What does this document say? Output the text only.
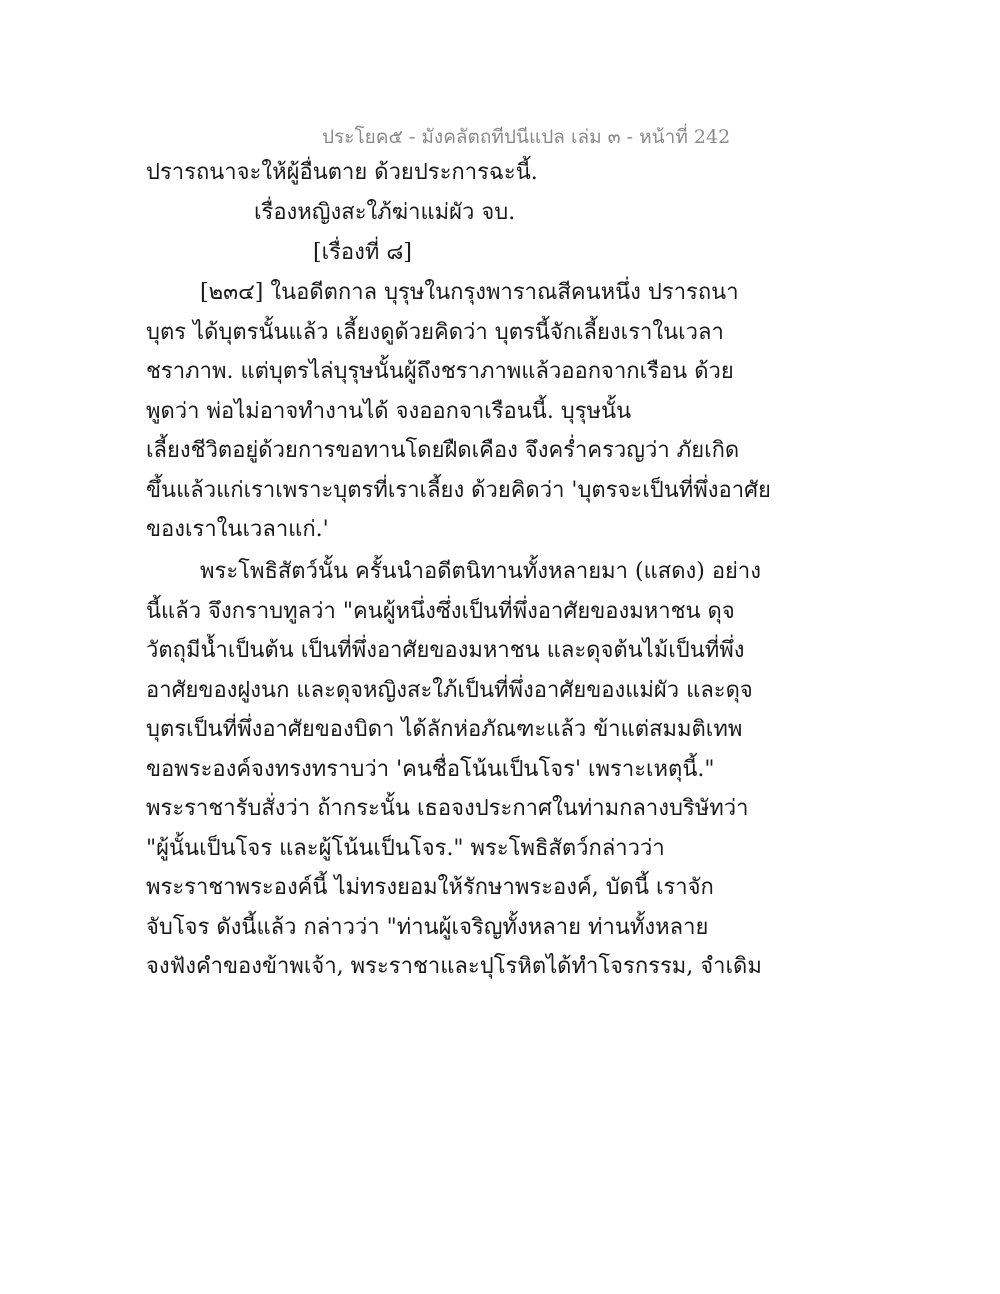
ประโยค๕ - มังคลัตถทีปนีแปล เล่ม ๓ - หน้าที่ 242
ปรารถนาจะให้ผู้อื่นตาย ด้วยประการฉะนี้.
เรื่องหญิงสะใภ้ฆ่าแม่ผัว จบ.
[เรื่องที่ ๘]
[๒๓๔] ในอดีตกาล บุรุษในกรุงพาราณสีคนหนึ่ง ปรารถนา
บุตร ได้บุตรนั้นแล้ว เลี้ยงดูด้วยคิดว่า บุตรนี้จักเลี้ยงเราในเวลา
ชราภาพ. แต่บุตรไล่บุรุษนั้นผู้ถึงชราภาพแล้วออกจากเรือน ด้วย
พูดว่า พ่อไม่อาจทำงานได้ จงออกจาเรือนนี้. บุรุษนั้น
เลี้ยงชีวิตอยู่ด้วยการขอทานโดยฝืดเคือง จึงคร่ำครวญว่า ภัยเกิด
ขึ้นแล้วแก่เราเพราะบุตรที่เราเลี้ยง ด้วยคิดว่า 'บุตรจะเป็นที่พึ่งอาศัย
ของเราในเวลาแก่.'
พระโพธิสัตว์นั้น ครั้นนำอดีตนิทานทั้งหลายมา (แสดง) อย่าง
นี้แล้ว จึงกราบทูลว่า "คนผู้หนึ่งซึ่งเป็นที่พึ่งอาศัยของมหาชน ดุจ
วัตถุมีน้ำเป็นต้น เป็นที่พึ่งอาศัยของมหาชน และดุจต้นไม้เป็นที่พึ่ง
อาศัยของฝูงนก และดุจหญิงสะใภ้เป็นที่พึ่งอาศัยของแม่ผัว และดุจ
บุตรเป็นที่พึ่งอาศัยของบิดา ได้ลักห่อภัณฑะแล้ว ข้าแต่สมมติเทพ
ขอพระองค์จงทรงทราบว่า 'คนชื่อโน้นเป็นโจร' เพราะเหตุนี้."
พระราชารับสั่งว่า ถ้ากระนั้น เธอจงประกาศในท่ามกลางบริษัทว่า
"ผู้นั้นเป็นโจร และผู้โน้นเป็นโจร." พระโพธิสัตว์กล่าวว่า
พระราชาพระองค์นี้ ไม่ทรงยอมให้รักษาพระองค์, บัดนี้ เราจัก
จับโจร ดังนี้แล้ว กล่าวว่า "ท่านผู้เจริญทั้งหลาย ท่านทั้งหลาย
จงฟังคำของข้าพเจ้า, พระราชาและปุโรหิตได้ทำโจรกรรม, จำเดิม
